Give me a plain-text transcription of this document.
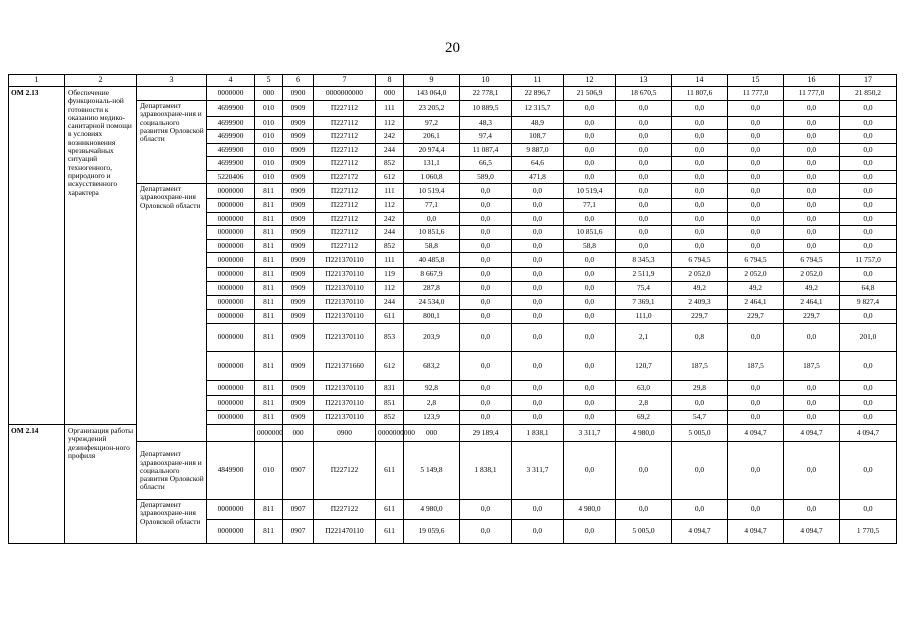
20
1	2	3	4	5	6	7	8	9	10	11	12	13	14	15	16	17	
ОМ 2.13	Обеспечение функциональ-ной готовности к оказанию медико-санитарной помощи в условиях возникновения чрезвычайных ситуаций техногенного, природного и искусственного характера		0000000	000	0900	0000000000	000	143 064,0	22 778,1	22 896,7	21 506,9	18 670,5	11 807,6	11 777,0	11 777,0	21 850,2	
		Департамент здравоохране-ния и социального развития Орловской области	4699900	010	0909	П227112	111	23 205,2	10 889,5	12 315,7	0,0	0,0	0,0	0,0	0,0	0,0	
			4699900	010	0909	П227112	112	97,2	48,3	48,9	0,0	0,0	0,0	0,0	0,0	0,0	
			4699900	010	0909	П227112	242	206,1	97,4	108,7	0,0	0,0	0,0	0,0	0,0	0,0	
			4699900	010	0909	П227112	244	20 974,4	11 087,4	9 887,0	0,0	0,0	0,0	0,0	0,0	0,0	
			4699900	010	0909	П227112	852	131,1	66,5	64,6	0,0	0,0	0,0	0,0	0,0	0,0	
			5220406	010	0909	П227172	612	1 060,8	589,0	471,8	0,0	0,0	0,0	0,0	0,0	0,0	
		Департамент здравоохране-ния Орловской области	0000000	811	0909	П227112	111	10 519,4	0,0	0,0	10 519,4	0,0	0,0	0,0	0,0	0,0	
			0000000	811	0909	П227112	112	77,1	0,0	0,0	77,1	0,0	0,0	0,0	0,0	0,0	
			0000000	811	0909	П227112	242	0,0	0,0	0,0	0,0	0,0	0,0	0,0	0,0	0,0	
			0000000	811	0909	П227112	244	10 851,6	0,0	0,0	10 851,6	0,0	0,0	0,0	0,0	0,0	
			0000000	811	0909	П227112	852	58,8	0,0	0,0	58,8	0,0	0,0	0,0	0,0	0,0	
			0000000	811	0909	П221370110	111	40 485,8	0,0	0,0	0,0	8 345,3	6 794,5	6 794,5	6 794,5	11 757,0	
			0000000	811	0909	П221370110	119	8 667,9	0,0	0,0	0,0	2 511,9	2 052,0	2 052,0	2 052,0	0,0	
			0000000	811	0909	П221370110	112	287,8	0,0	0,0	0,0	75,4	49,2	49,2	49,2	64,8	
			0000000	811	0909	П221370110	244	24 534,0	0,0	0,0	0,0	7 369,1	2 409,3	2 464,1	2 464,1	9 827,4	
			0000000	811	0909	П221370110	611	800,1	0,0	0,0	0,0	111,0	229,7	229,7	229,7	0,0	
			0000000	811	0909	П221370110	853	203,9	0,0	0,0	0,0	2,1	0,8	0,0	0,0	201,0	
			0000000	811	0909	П221371660	612	683,2	0,0	0,0	0,0	120,7	187,5	187,5	187,5	0,0	
			0000000	811	0909	П221370110	831	92,8	0,0	0,0	0,0	63,0	29,8	0,0	0,0	0,0	
			0000000	811	0909	П221370110	851	2,8	0,0	0,0	0,0	2,8	0,0	0,0	0,0	0,0	
			0000000	811	0909	П221370110	852	123,9	0,0	0,0	0,0	69,2	54,7	0,0	0,0	0,0	
ОМ 2.14	Организация работы учреждений дезинфекцион-ного профиля			0000000	000	0900	0000000000	000	29 189,4	1 838,1	3 311,7	4 980,0	5 005,0	4 094,7	4 094,7	4 094,7	
		Департамент здравоохране-ния и социального развития Орловской области	4849900	010	0907	П227122	611	5 149,8	1 838,1	3 311,7	0,0	0,0	0,0	0,0	0,0	0,0	
		Департамент здравоохране-ния Орловской области	0000000	811	0907	П227122	611	4 980,0	0,0	0,0	4 980,0	0,0	0,0	0,0	0,0	0,0	
			0000000	811	0907	П221470110	611	19 059,6	0,0	0,0	0,0	5 005,0	4 094,7	4 094,7	4 094,7	1 770,5	
